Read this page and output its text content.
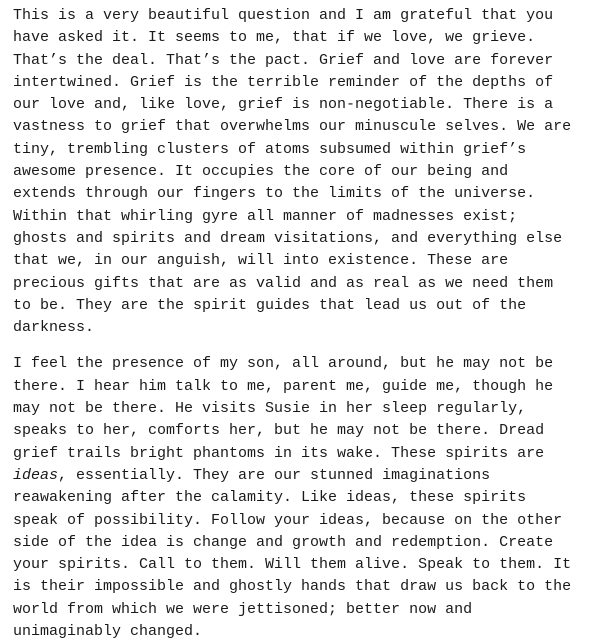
This is a very beautiful question and I am grateful that you
have asked it. It seems to me, that if we love, we grieve.
That’s the deal. That’s the pact. Grief and love are forever
intertwined. Grief is the terrible reminder of the depths of
our love and, like love, grief is non-negotiable. There is a
vastness to grief that overwhelms our minuscule selves. We are
tiny, trembling clusters of atoms subsumed within grief’s
awesome presence. It occupies the core of our being and
extends through our fingers to the limits of the universe.
Within that whirling gyre all manner of madnesses exist;
ghosts and spirits and dream visitations, and everything else
that we, in our anguish, will into existence. These are
precious gifts that are as valid and as real as we need them
to be. They are the spirit guides that lead us out of the
darkness.
I feel the presence of my son, all around, but he may not be
there. I hear him talk to me, parent me, guide me, though he
may not be there. He visits Susie in her sleep regularly,
speaks to her, comforts her, but he may not be there. Dread
grief trails bright phantoms in its wake. These spirits are
ideas, essentially. They are our stunned imaginations
reawakening after the calamity. Like ideas, these spirits
speak of possibility. Follow your ideas, because on the other
side of the idea is change and growth and redemption. Create
your spirits. Call to them. Will them alive. Speak to them. It
is their impossible and ghostly hands that draw us back to the
world from which we were jettisoned; better now and
unimaginably changed.
